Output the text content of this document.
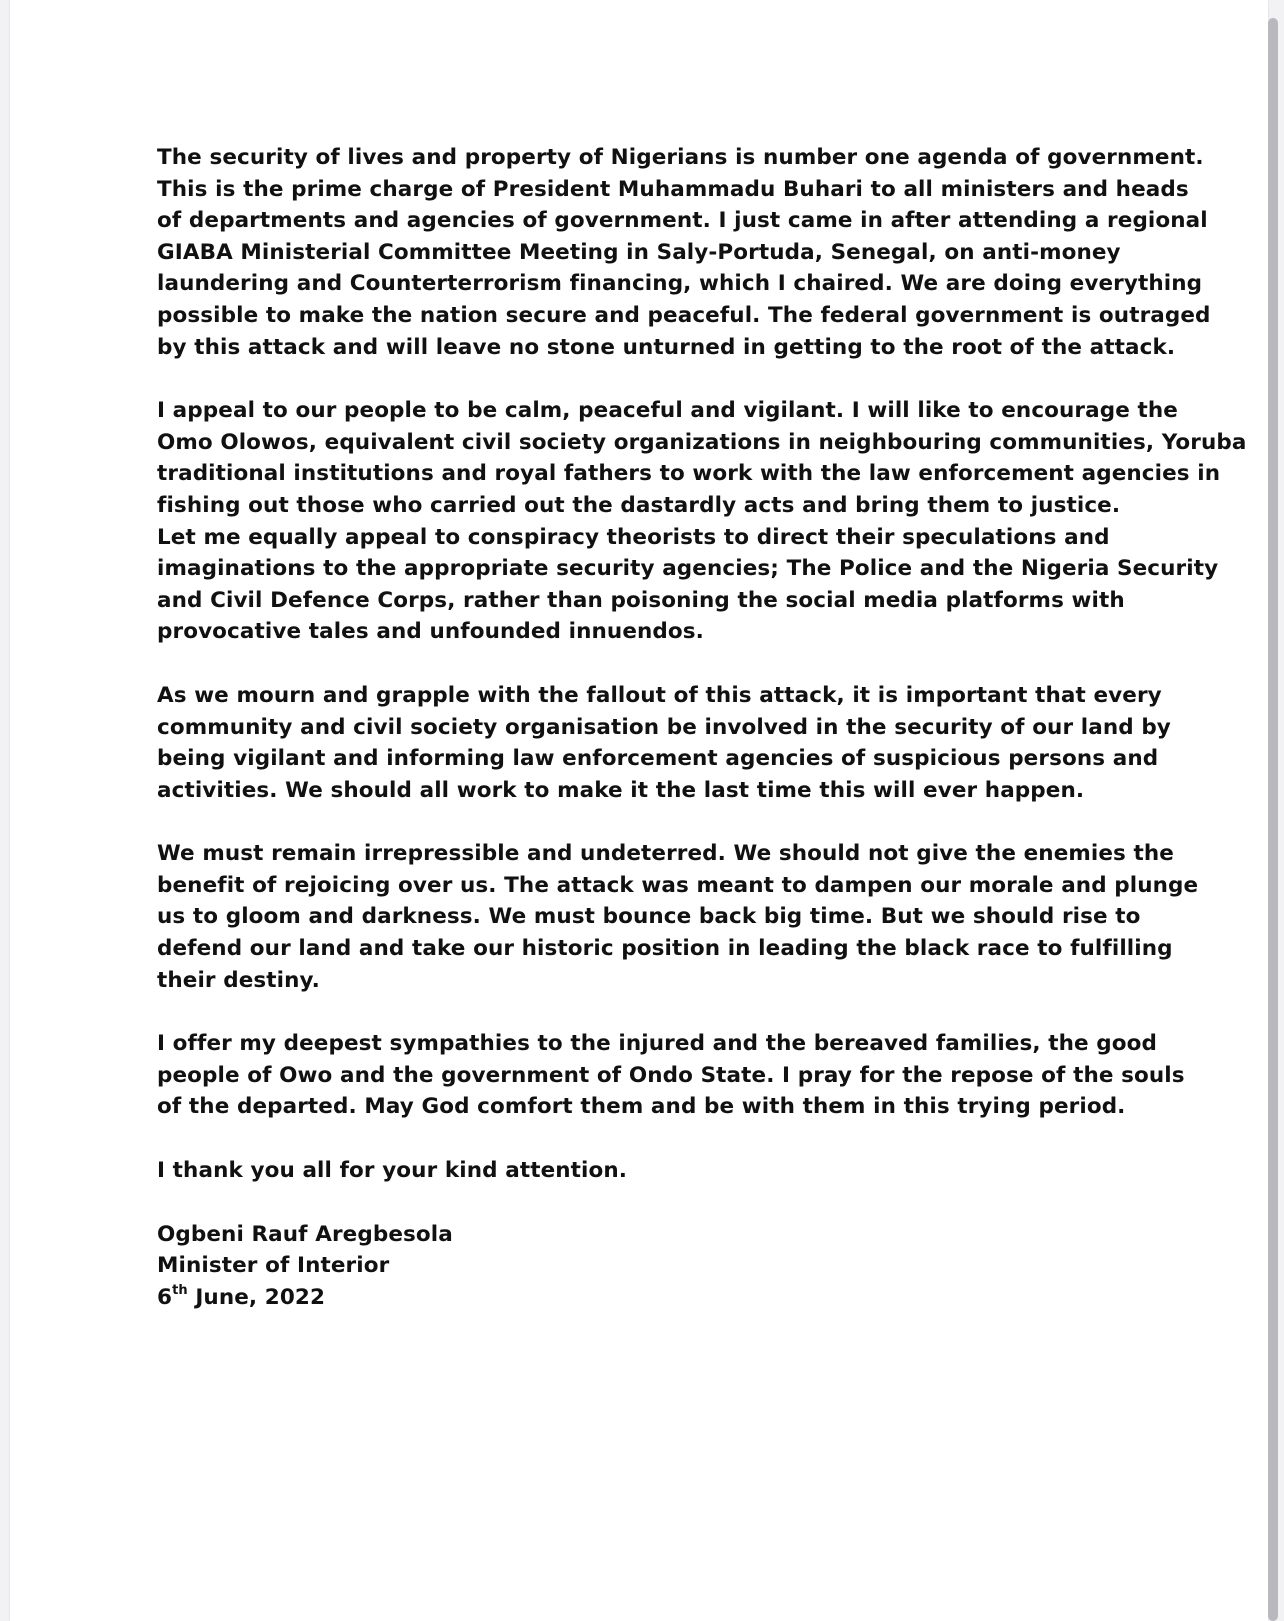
The security of lives and property of Nigerians is number one agenda of government.
This is the prime charge of President Muhammadu Buhari to all ministers and heads
of departments and agencies of government. I just came in after attending a regional
GIABA Ministerial Committee Meeting in Saly-Portuda, Senegal, on anti-money
laundering and Counterterrorism financing, which I chaired. We are doing everything
possible to make the nation secure and peaceful. The federal government is outraged
by this attack and will leave no stone unturned in getting to the root of the attack.
I appeal to our people to be calm, peaceful and vigilant. I will like to encourage the
Omo Olowos, equivalent civil society organizations in neighbouring communities, Yoruba
traditional institutions and royal fathers to work with the law enforcement agencies in
fishing out those who carried out the dastardly acts and bring them to justice.
Let me equally appeal to conspiracy theorists to direct their speculations and
imaginations to the appropriate security agencies; The Police and the Nigeria Security
and Civil Defence Corps, rather than poisoning the social media platforms with
provocative tales and unfounded innuendos.
As we mourn and grapple with the fallout of this attack, it is important that every
community and civil society organisation be involved in the security of our land by
being vigilant and informing law enforcement agencies of suspicious persons and
activities. We should all work to make it the last time this will ever happen.
We must remain irrepressible and undeterred. We should not give the enemies the
benefit of rejoicing over us. The attack was meant to dampen our morale and plunge
us to gloom and darkness. We must bounce back big time. But we should rise to
defend our land and take our historic position in leading the black race to fulfilling
their destiny.
I offer my deepest sympathies to the injured and the bereaved families, the good
people of Owo and the government of Ondo State. I pray for the repose of the souls
of the departed. May God comfort them and be with them in this trying period.
I thank you all for your kind attention.
Ogbeni Rauf Aregbesola
Minister of Interior
6th June, 2022
